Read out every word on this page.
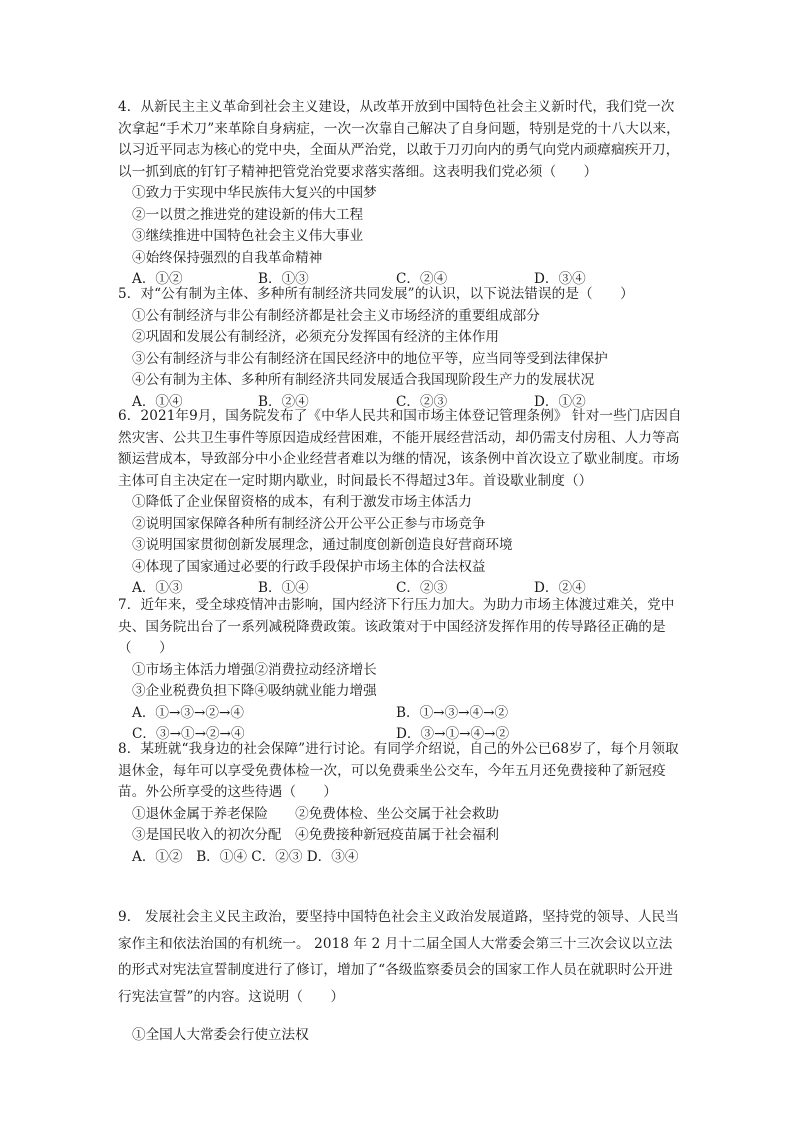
4．从新民主主义革命到社会主义建设，从改革开放到中国特色社会主义新时代，我们党一次次拿起“手术刀”来革除自身病症，一次一次靠自己解决了自身问题，特别是党的十八大以来，以习近平同志为核心的党中央，全面从严治党，以敢于刀刃向内的勇气向党内顽瘴痼疾开刀，以一抓到底的钉钉子精神把管党治党要求落实落细。这表明我们党必须（　　）

①致力于实现中华民族伟大复兴的中国梦
②一以贯之推进党的建设新的伟大工程
③继续推进中国特色社会主义伟大事业
④始终保持强烈的自我革命精神
A．①②	B．①③	C．②④	D．③④

5．对“公有制为主体、多种所有制经济共同发展”的认识，以下说法错误的是（　　）

①公有制经济与非公有制经济都是社会主义市场经济的重要组成部分
②巩固和发展公有制经济，必须充分发挥国有经济的主体作用
③公有制经济与非公有制经济在国民经济中的地位平等，应当同等受到法律保护
④公有制为主体、多种所有制经济共同发展适合我国现阶段生产力的发展状况
A．①④	B．②④	C．②③	D．①②

6．2021年9月，国务院发布了《中华人民共和国市场主体登记管理条例》 针对一些门店因自然灾害、公共卫生事件等原因造成经营困难，不能开展经营活动，却仍需支付房租、人力等高额运营成本，导致部分中小企业经营者难以为继的情况，该条例中首次设立了歇业制度。市场主体可自主决定在一定时期内歇业，时间最长不得超过3年。首设歇业制度（）

①降低了企业保留资格的成本，有利于激发市场主体活力
②说明国家保障各种所有制经济公开公平公正参与市场竞争
③说明国家贯彻创新发展理念，通过制度创新创造良好营商环境
④体现了国家通过必要的行政手段保护市场主体的合法权益
A．①③	B．①④	C．②③	D．②④

7．近年来，受全球疫情冲击影响，国内经济下行压力加大。为助力市场主体渡过难关，党中央、国务院出台了一系列减税降费政策。该政策对于中国经济发挥作用的传导路径正确的是（　　）

①市场主体活力增强②消费拉动经济增长
③企业税费负担下降④吸纳就业能力增强
A．①→③→②→④	B．①→③→④→②
C．③→①→②→④	D．③→①→④→②

8．某班就“我身边的社会保障”进行讨论。有同学介绍说，自己的外公已68岁了，每个月领取退休金，每年可以享受免费体检一次，可以免费乘坐公交车，今年五月还免费接种了新冠疫苗。外公所享受的这些待遇（　　）

①退休金属于养老保险　　②免费体检、坐公交属于社会救助
③是国民收入的初次分配　④免费接种新冠疫苗属于社会福利
A．①②　B．①④ C．②③ D．③④

9． 发展社会主义民主政治，要坚持中国特色社会主义政治发展道路，坚持党的领导、人民当家作主和依法治国的有机统一。 2018 年 2 月十二届全国人大常委会第三十三次会议以立法的形式对宪法宣誓制度进行了修订，增加了“各级监察委员会的国家工作人员在就职时公开进行宪法宣誓”的内容。这说明（　　）

①全国人大常委会行使立法权
